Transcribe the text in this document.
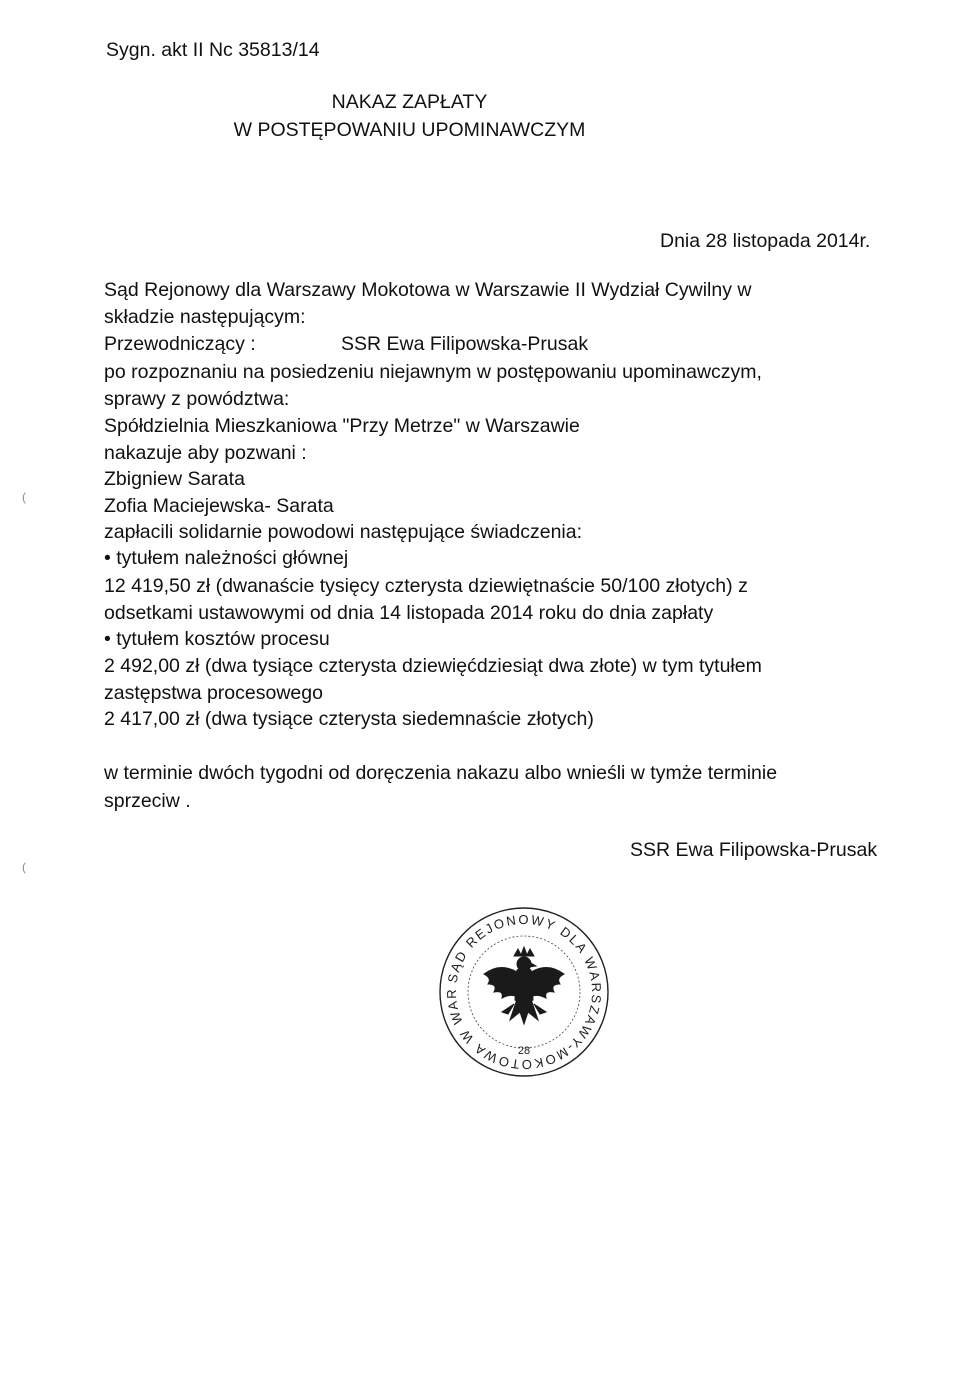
Sygn. akt II Nc 35813/14
NAKAZ ZAPŁATY
W POSTĘPOWANIU UPOMINAWCZYM
Dnia 28 listopada 2014r.
Sąd Rejonowy dla Warszawy Mokotowa w Warszawie II Wydział Cywilny w
składzie następującym:
Przewodniczący :	SSR Ewa Filipowska-Prusak
po rozpoznaniu na posiedzeniu niejawnym w postępowaniu upominawczym,
sprawy z powództwa:
Spółdzielnia Mieszkaniowa "Przy Metrze" w Warszawie
nakazuje aby pozwani :
Zbigniew Sarata
Zofia Maciejewska- Sarata
zapłacili solidarnie powodowi następujące świadczenia:
• tytułem należności głównej
12 419,50 zł (dwanaście tysięcy czterysta dziewiętnaście 50/100 złotych) z
odsetkami ustawowymi od dnia 14 listopada 2014 roku do dnia zapłaty
• tytułem kosztów procesu
2 492,00 zł (dwa tysiące czterysta dziewięćdziesiąt dwa złote) w tym tytułem
zastępstwa procesowego
2 417,00 zł (dwa tysiące czterysta siedemnaście złotych)
w terminie dwóch tygodni od doręczenia nakazu albo wnieśli w tymże terminie
sprzeciw .
SSR Ewa Filipowska-Prusak
SĄD REJONOWY DLA WARSZAWY-MOKOTOWA W WAR
28
(
(
